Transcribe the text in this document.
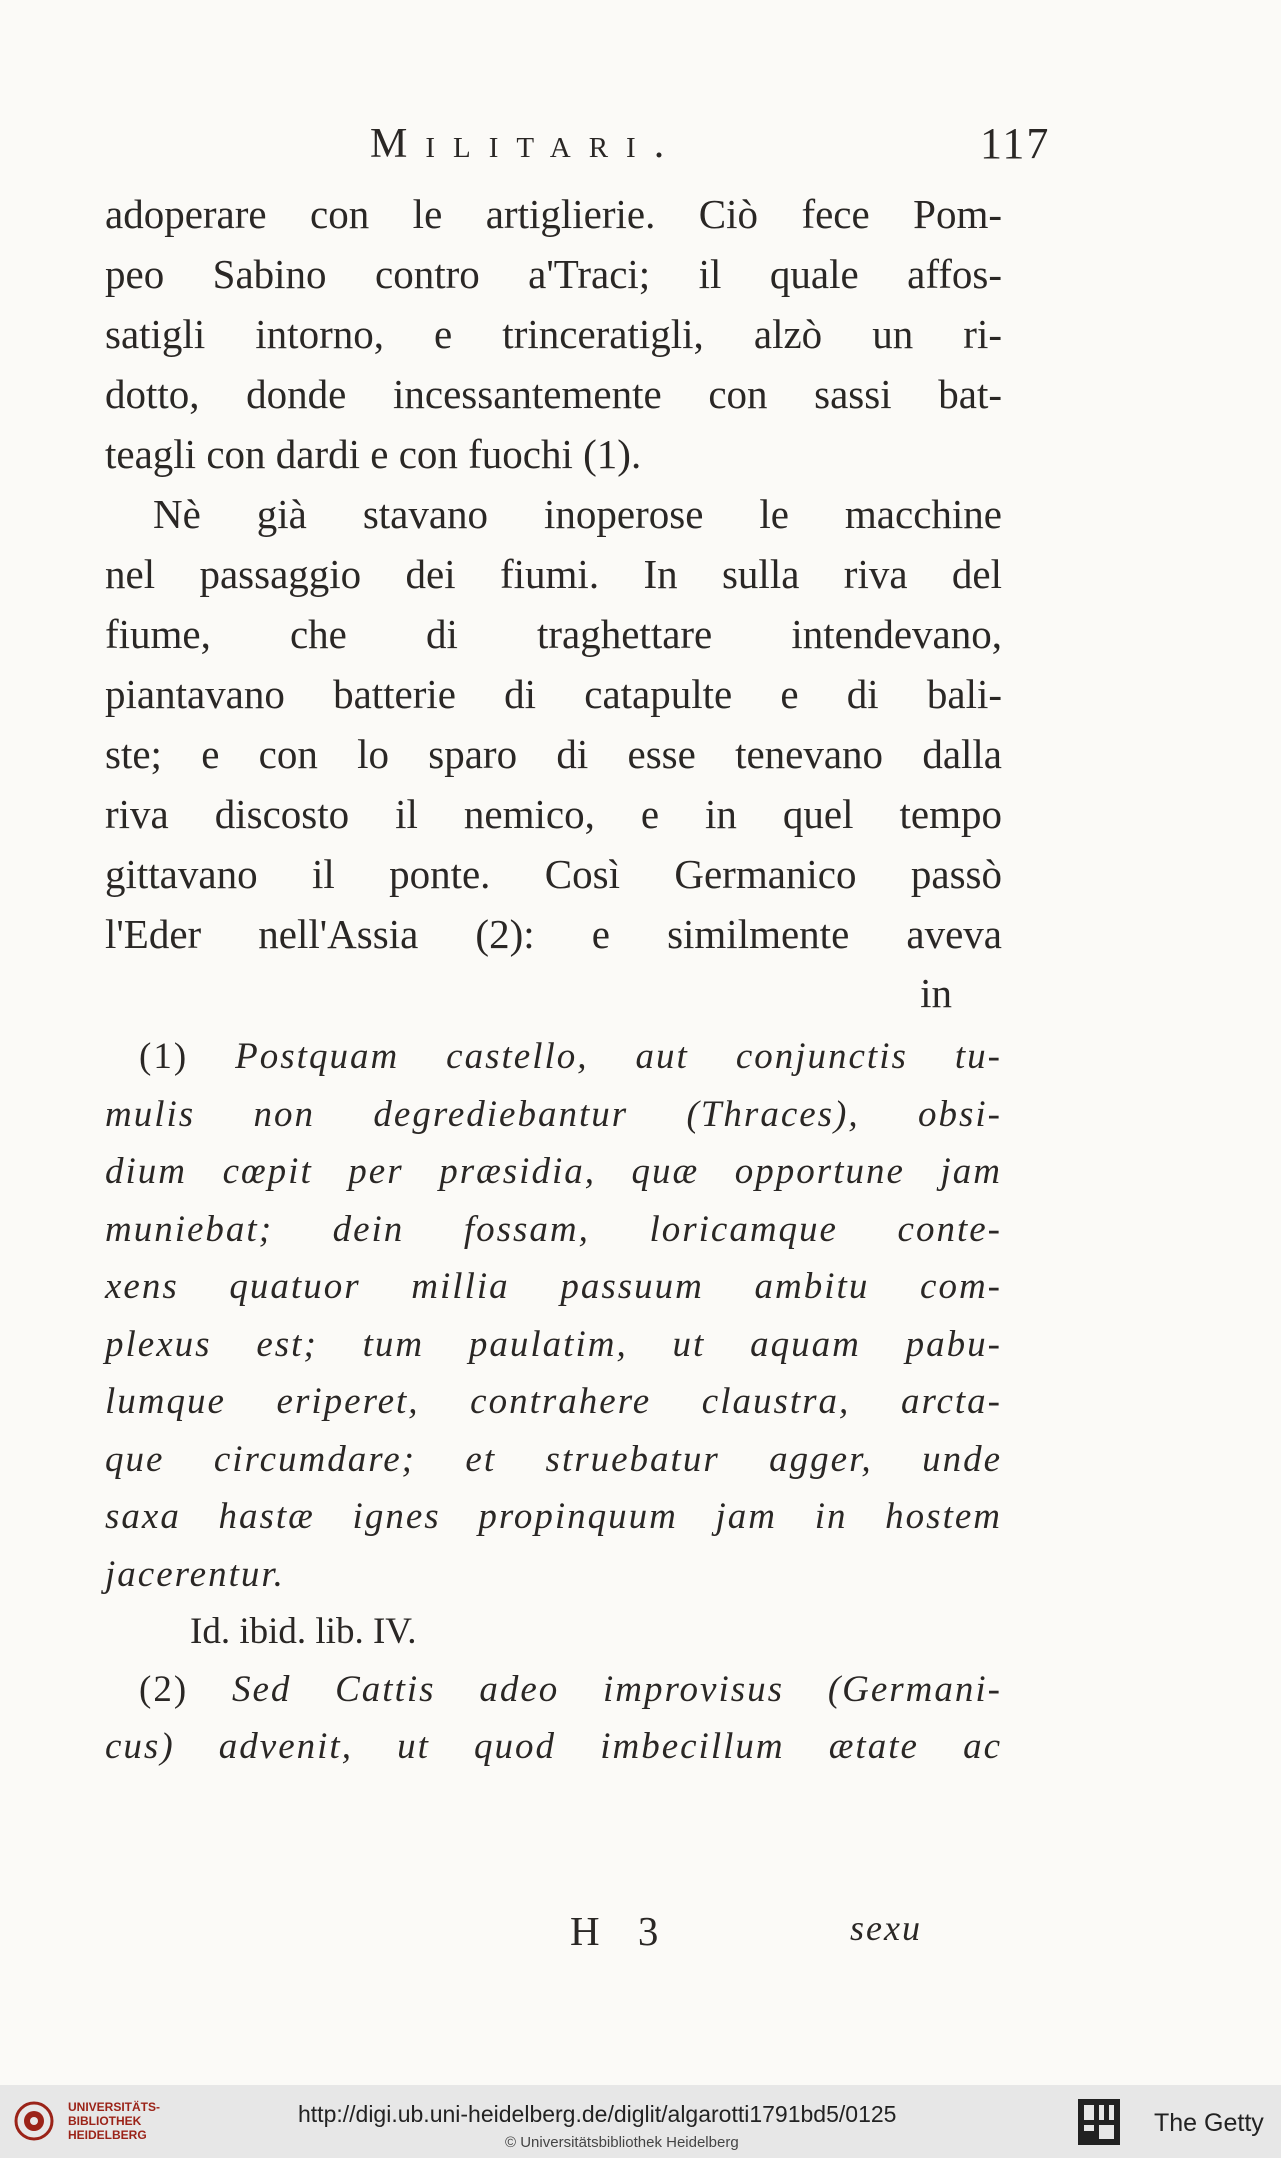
Militari.	117
adoperare con le artiglierie. Ciò fece Pom-
peo Sabino contro a'Traci; il quale affos-
satigli intorno, e trinceratigli, alzò un ri-
dotto, donde incessantemente con sassi bat-
teagli con dardi e con fuochi (1).
Nè già stavano inoperose le macchine
nel passaggio dei fiumi. In sulla riva del
fiume, che di traghettare intendevano,
piantavano batterie di catapulte e di bali-
ste; e con lo sparo di esse tenevano dalla
riva discosto il nemico, e in quel tempo
gittavano il ponte. Così Germanico passò
l'Eder nell'Assia (2): e similmente aveva
in
(1) Postquam castello, aut conjunctis tu-
mulis non degrediebantur (Thraces), obsi-
dium cœpit per præsidia, quæ opportune jam
muniebat; dein fossam, loricamque conte-
xens quatuor millia passuum ambitu com-
plexus est; tum paulatim, ut aquam pabu-
lumque eriperet, contrahere claustra, arcta-
que circumdare; et struebatur agger, unde
saxa hastæ ignes propinquum jam in hostem
jacerentur.
Id. ibid. lib. IV.
(2) Sed Cattis adeo improvisus (Germani-
cus) advenit, ut quod imbecillum ætate ac
H 3	sexu
UNIVERSITÄTS-
BIBLIOTHEK
HEIDELBERG
http://digi.ub.uni-heidelberg.de/diglit/algarotti1791bd5/0125
© Universitätsbibliothek Heidelberg
The Getty
